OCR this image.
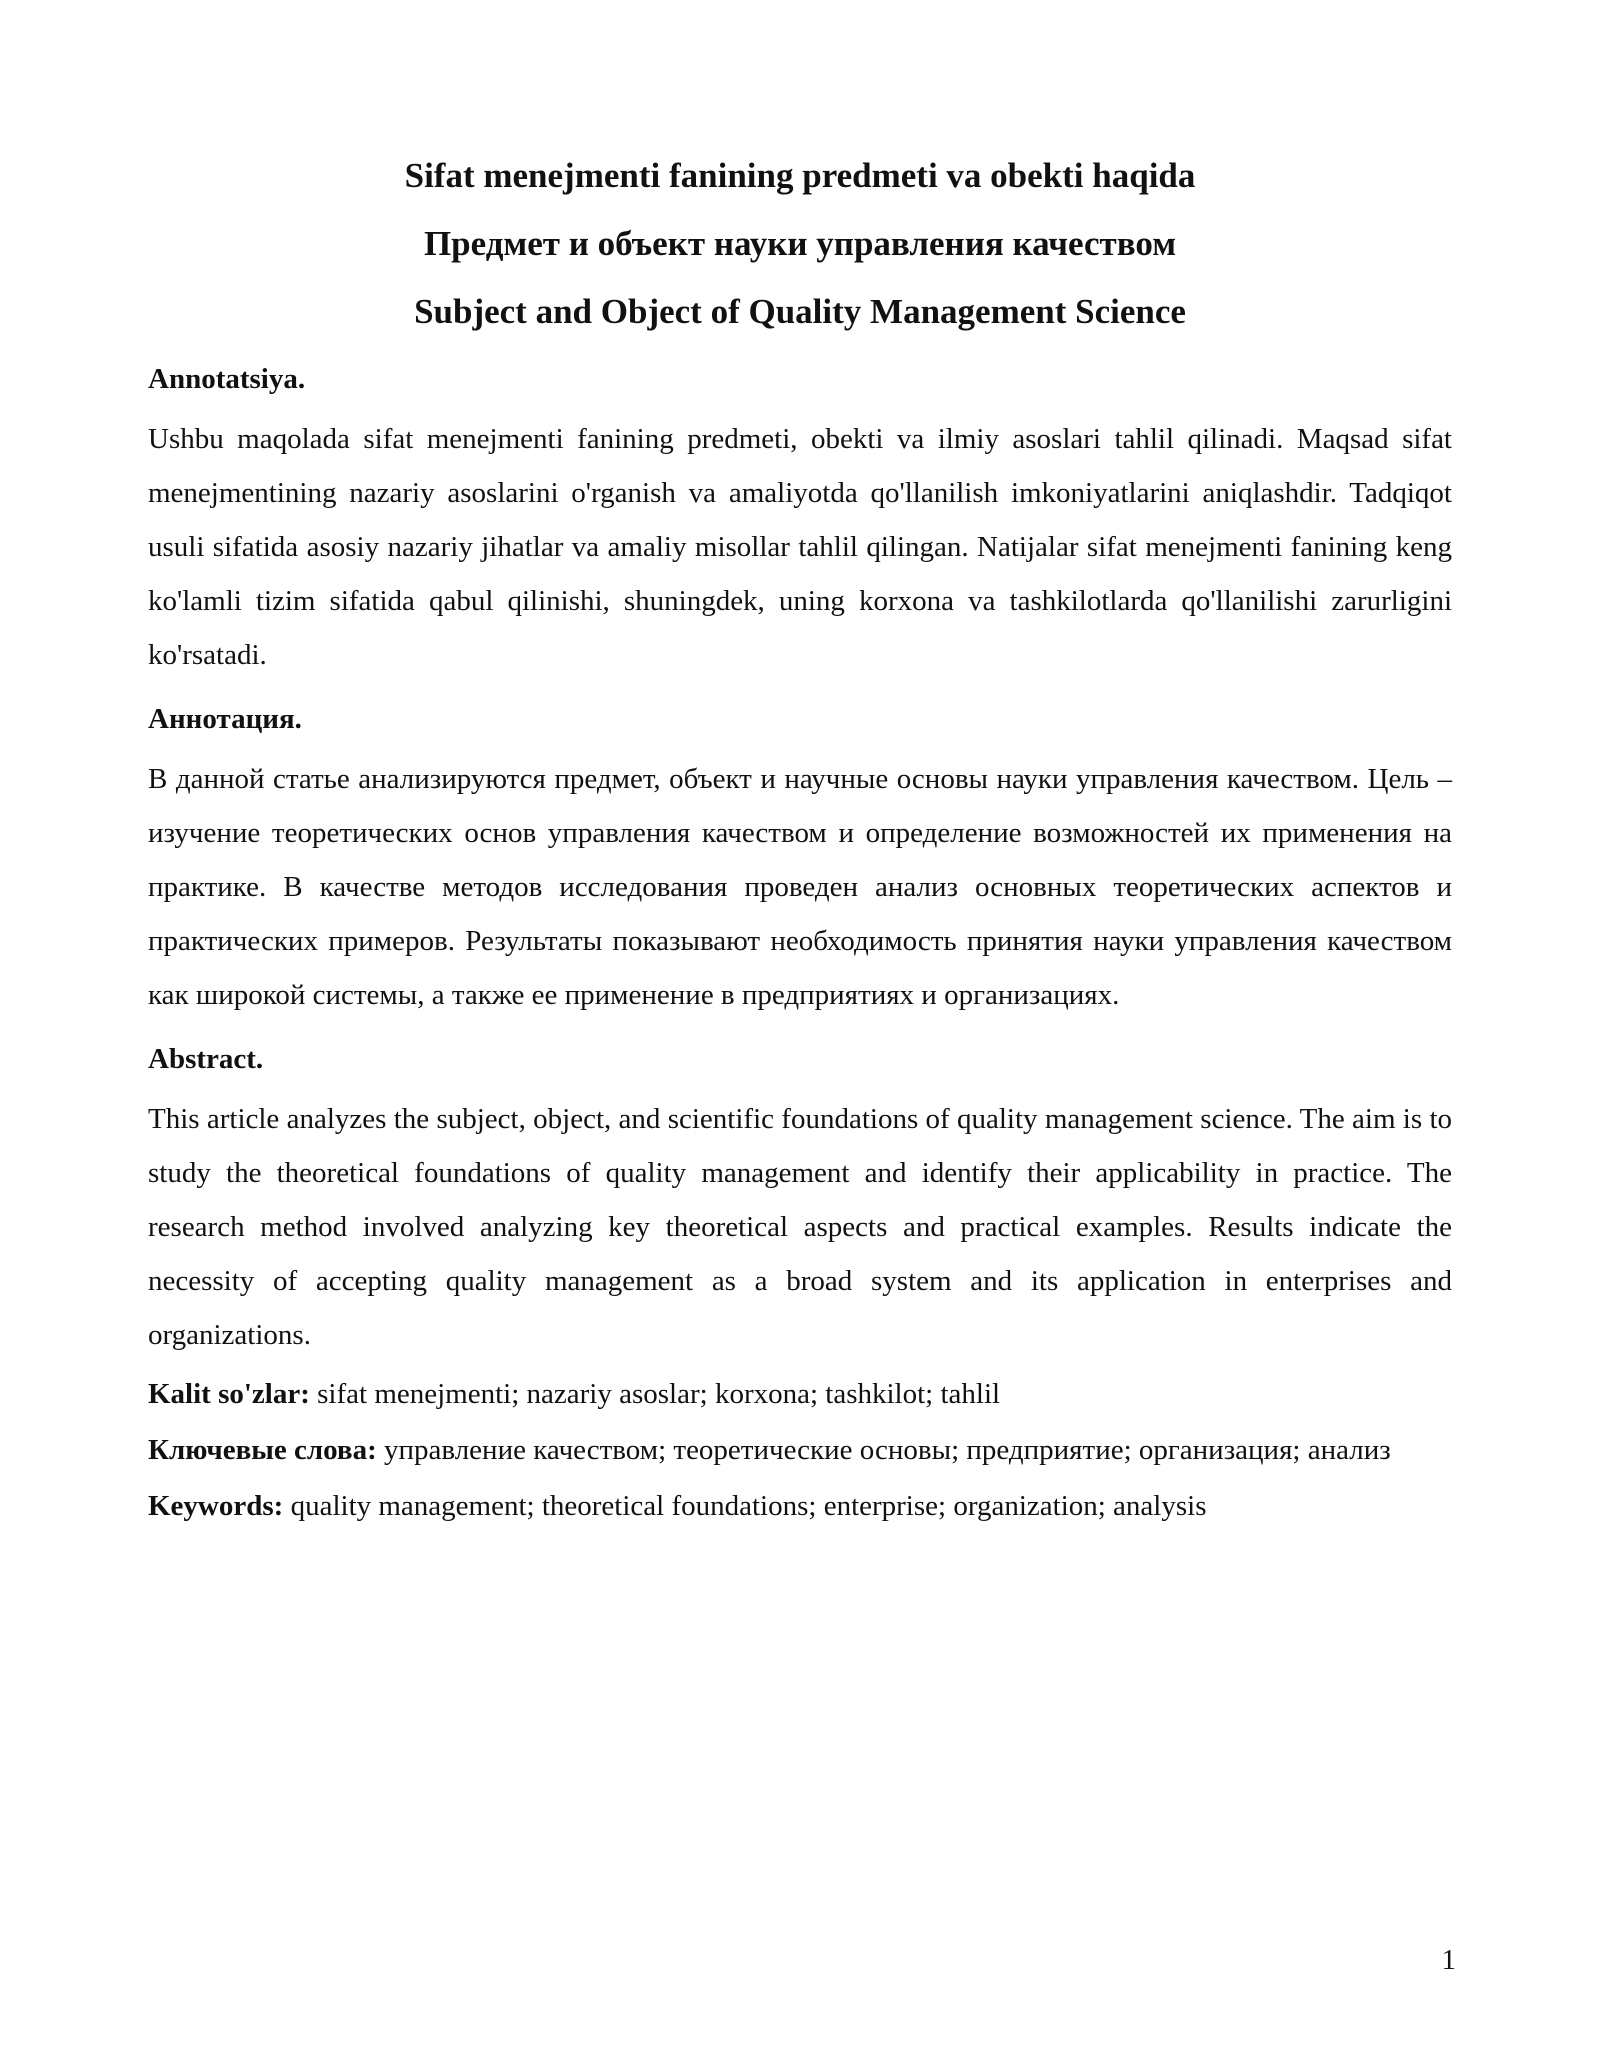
Sifat menejmenti fanining predmeti va obekti haqida
Предмет и объект науки управления качеством
Subject and Object of Quality Management Science

Annotatsiya.

Ushbu maqolada sifat menejmenti fanining predmeti, obekti va ilmiy asoslari tahlil qilinadi. Maqsad sifat menejmentining nazariy asoslarini o'rganish va amaliyotda qo'llanilish imkoniyatlarini aniqlashdir. Tadqiqot usuli sifatida asosiy nazariy jihatlar va amaliy misollar tahlil qilingan. Natijalar sifat menejmenti fanining keng ko'lamli tizim sifatida qabul qilinishi, shuningdek, uning korxona va tashkilotlarda qo'llanilishi zarurligini ko'rsatadi.

Аннотация.

В данной статье анализируются предмет, объект и научные основы науки управления качеством. Цель – изучение теоретических основ управления качеством и определение возможностей их применения на практике. В качестве методов исследования проведен анализ основных теоретических аспектов и практических примеров. Результаты показывают необходимость принятия науки управления качеством как широкой системы, а также ее применение в предприятиях и организациях.

Abstract.

This article analyzes the subject, object, and scientific foundations of quality management science. The aim is to study the theoretical foundations of quality management and identify their applicability in practice. The research method involved analyzing key theoretical aspects and practical examples. Results indicate the necessity of accepting quality management as a broad system and its application in enterprises and organizations.

Kalit so'zlar: sifat menejmenti; nazariy asoslar; korxona; tashkilot; tahlil

Ключевые слова: управление качеством; теоретические основы; предприятие; организация; анализ

Keywords: quality management; theoretical foundations; enterprise; organization; analysis

1
